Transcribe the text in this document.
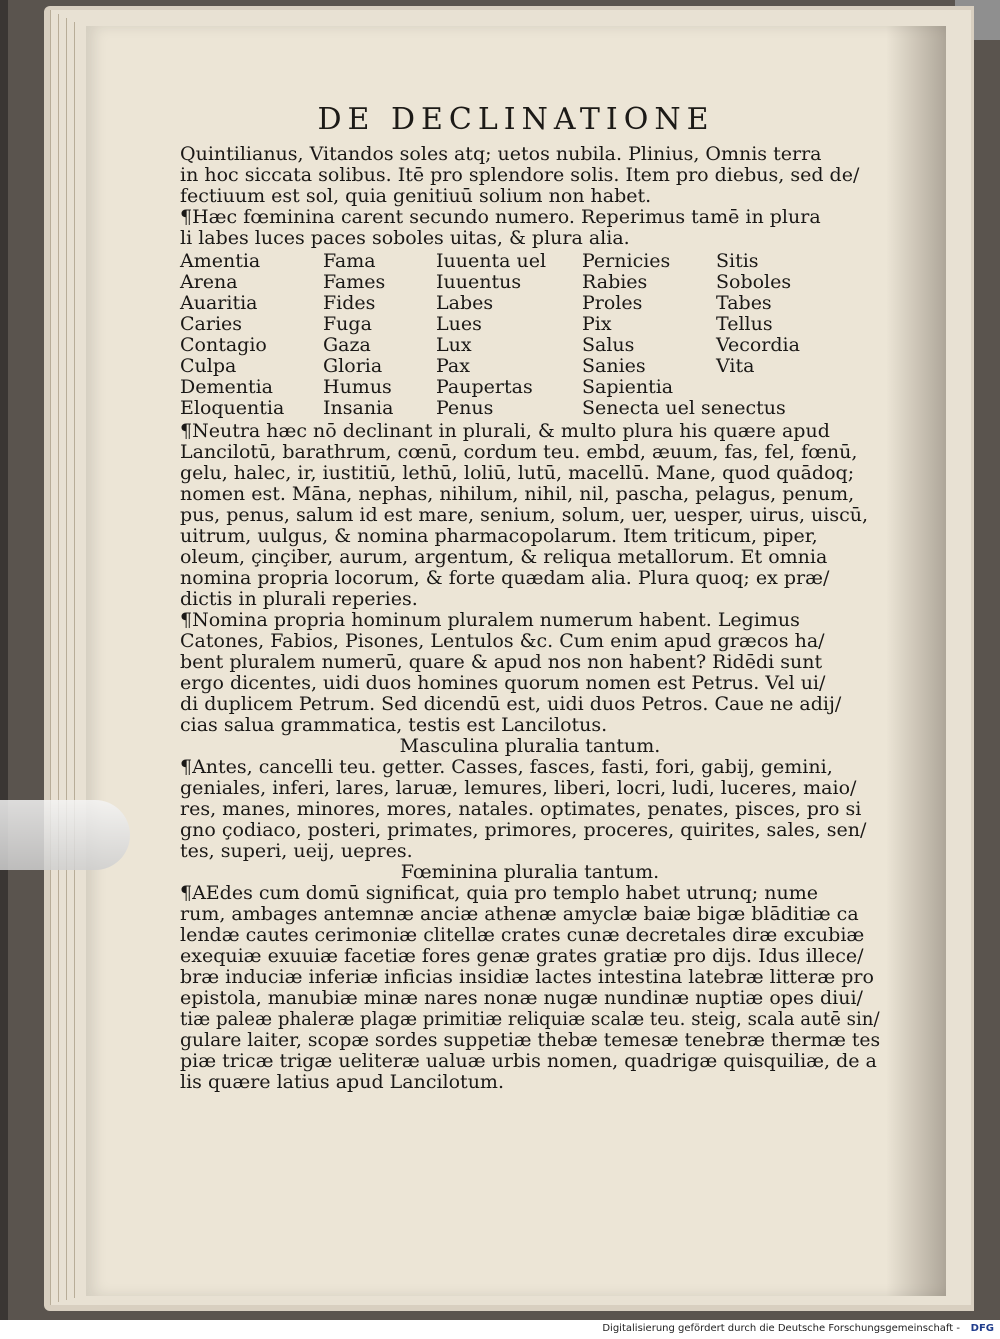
DE DECLINATIONE
Quintilianus, Vitandos soles atq; uetos nubila. Plinius, Omnis terra
in hoc siccata solibus. Itē pro splendore solis. Item pro diebus, sed de/
fectiuum est sol, quia genitiuū solium non habet.
¶Hæc fœminina carent secundo numero. Reperimus tamē in plura
li labes luces paces soboles uitas, & plura alia.
Amentia
Arena
Auaritia
Caries
Contagio
Culpa
Dementia
Eloquentia
Fama
Fames
Fides
Fuga
Gaza
Gloria
Humus
Insania
Iuuenta uel
Iuuentus
Labes
Lues
Lux
Pax
Paupertas
Penus
Pernicies
Rabies
Proles
Pix
Salus
Sanies
Sapientia
Senecta uel senectus
Sitis
Soboles
Tabes
Tellus
Vecordia
Vita
¶Neutra hæc nō declinant in plurali, & multo plura his quære apud
Lancilotū, barathrum, cœnū, cordum teu. embd, æuum, fas, fel, fœnū,
gelu, halec, ir, iustitiū, lethū, loliū, lutū, macellū. Mane, quod quādoq;
nomen est. Māna, nephas, nihilum, nihil, nil, pascha, pelagus, penum,
pus, penus, salum id est mare, senium, solum, uer, uesper, uirus, uiscū,
uitrum, uulgus, & nomina pharmacopolarum. Item triticum, piper,
oleum, çinçiber, aurum, argentum, & reliqua metallorum. Et omnia
nomina propria locorum, & forte quædam alia. Plura quoq; ex præ/
dictis in plurali reperies.
¶Nomina propria hominum pluralem numerum habent. Legimus
Catones, Fabios, Pisones, Lentulos &c. Cum enim apud græcos ha/
bent pluralem numerū, quare & apud nos non habent? Ridēdi sunt
ergo dicentes, uidi duos homines quorum nomen est Petrus. Vel ui/
di duplicem Petrum. Sed dicendū est, uidi duos Petros. Caue ne adij/
cias salua grammatica, testis est Lancilotus.
Masculina pluralia tantum.
¶Antes, cancelli teu. getter. Casses, fasces, fasti, fori, gabij, gemini,
geniales, inferi, lares, laruæ, lemures, liberi, locri, ludi, luceres, maio/
res, manes, minores, mores, natales. optimates, penates, pisces, pro si
gno çodiaco, posteri, primates, primores, proceres, quirites, sales, sen/
tes, superi, ueij, uepres.
Fœminina pluralia tantum.
¶AEdes cum domū significat, quia pro templo habet utrunq; nume
rum, ambages antemnæ anciæ athenæ amyclæ baiæ bigæ blāditiæ ca
lendæ cautes cerimoniæ clitellæ crates cunæ decretales diræ excubiæ
exequiæ exuuiæ facetiæ fores genæ grates gratiæ pro dijs. Idus illece/
bræ induciæ inferiæ inficias insidiæ lactes intestina latebræ litteræ pro
epistola, manubiæ minæ nares nonæ nugæ nundinæ nuptiæ opes diui/
tiæ paleæ phaleræ plagæ primitiæ reliquiæ scalæ teu. steig, scala autē sin/
gulare laiter, scopæ sordes suppetiæ thebæ temesæ tenebræ thermæ tes
piæ tricæ trigæ ueliteræ ualuæ urbis nomen, quadrigæ quisquiliæ, de a
lis quære latius apud Lancilotum.
Digitalisierung gefördert durch die Deutsche Forschungsgemeinschaft - DFG
